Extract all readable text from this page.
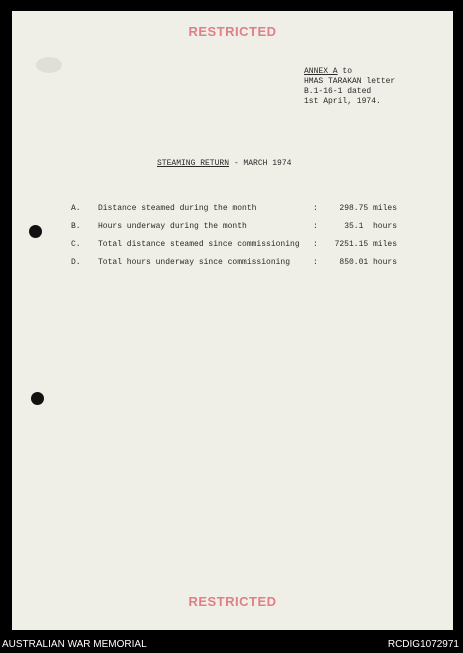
RESTRICTED
ANNEX A to
HMAS TARAKAN letter
B.1-16-1 dated
1st April, 1974.
STEAMING RETURN - MARCH 1974
A. Distance steamed during the month	:	298.75 miles
B. Hours underway during the month	:	35.1  hours
C. Total distance steamed since commissioning : 7251.15 miles
D. Total hours underway since commissioning	:	850.01 hours
RESTRICTED
AUSTRALIAN WAR MEMORIAL	RCDIG1072971
